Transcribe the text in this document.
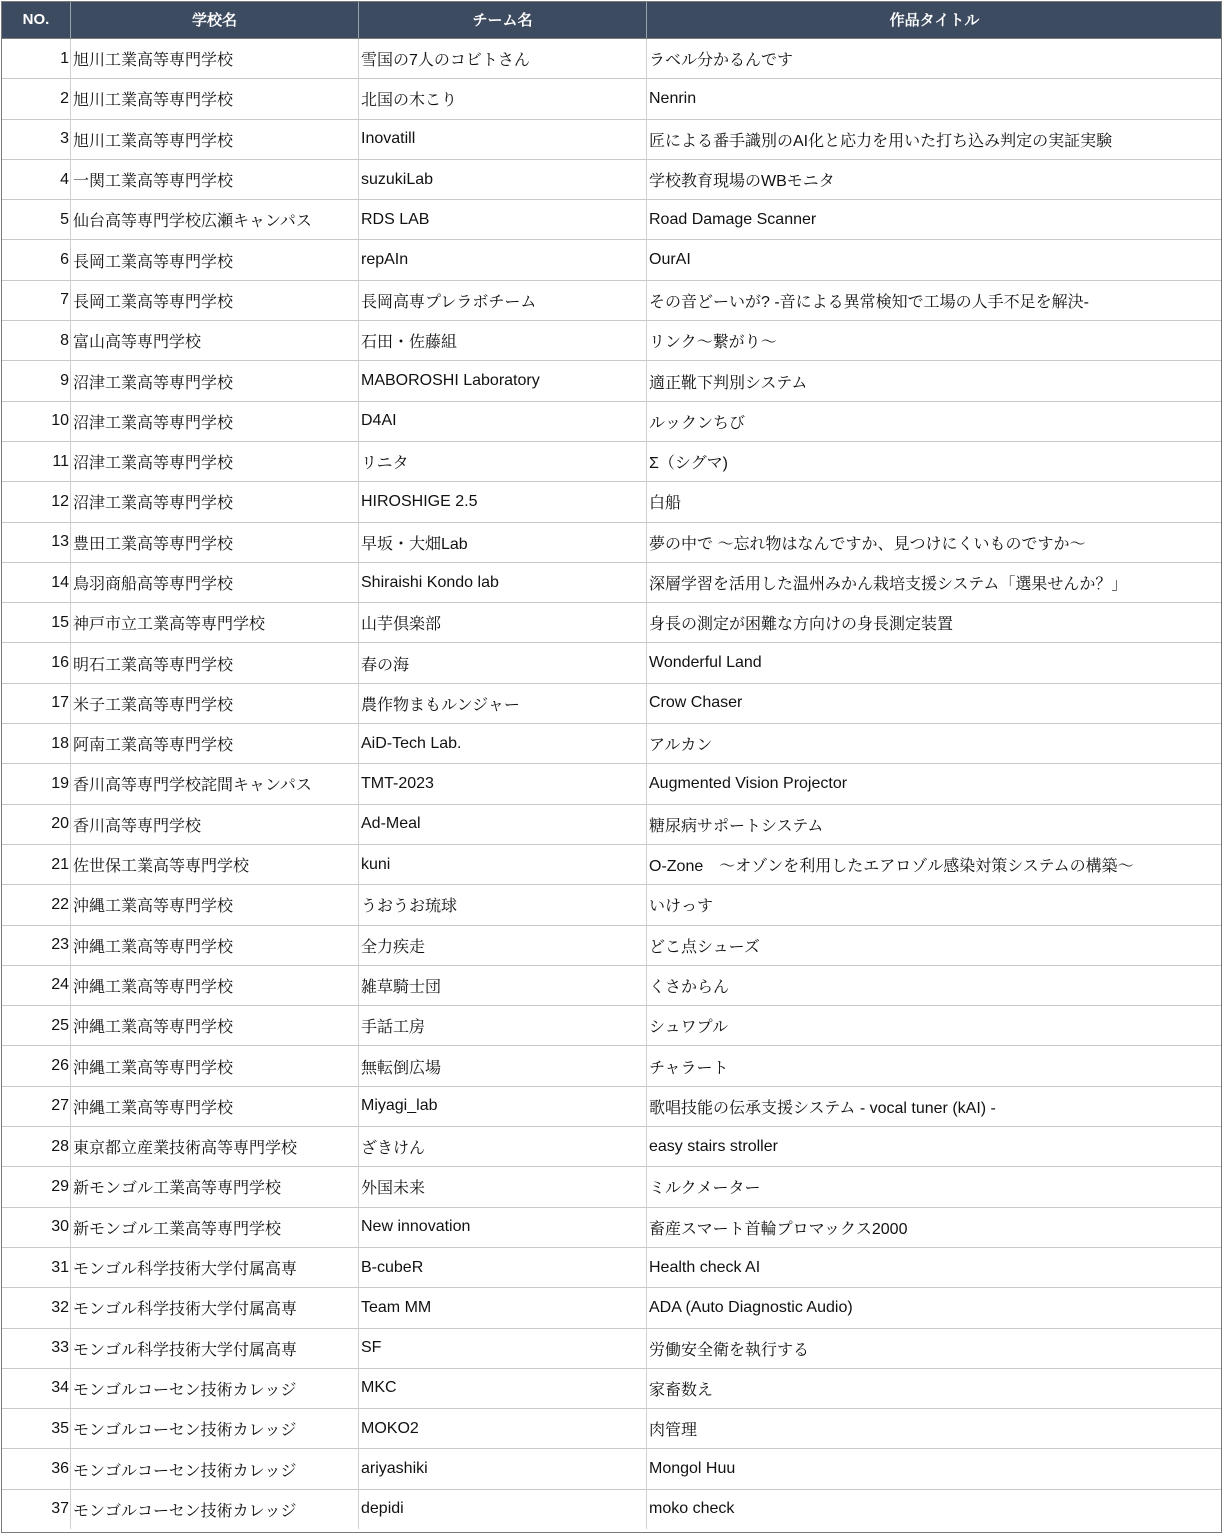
NO.	学校名	チーム名	作品タイトル
1	旭川工業高等専門学校	雪国の7人のコビトさん	ラベル分かるんです
2	旭川工業高等専門学校	北国の木こり	Nenrin
3	旭川工業高等専門学校	Inovatill	匠による番手識別のAI化と応力を用いた打ち込み判定の実証実験
4	一関工業高等専門学校	suzukiLab	学校教育現場のWBモニタ
5	仙台高等専門学校広瀬キャンパス	RDS LAB	Road Damage Scanner
6	長岡工業高等専門学校	repAIn	OurAI
7	長岡工業高等専門学校	長岡高専プレラボチーム	その音どーいが? -音による異常検知で工場の人手不足を解決-
8	富山高等専門学校	石田・佐藤組	リンク〜繋がり〜
9	沼津工業高等専門学校	MABOROSHI Laboratory	適正靴下判別システム
10	沼津工業高等専門学校	D4AI	ルックンちび
11	沼津工業高等専門学校	リニタ	Σ（シグマ)
12	沼津工業高等専門学校	HIROSHIGE 2.5	白船
13	豊田工業高等専門学校	早坂・大畑Lab	夢の中で 〜忘れ物はなんですか、見つけにくいものですか〜
14	鳥羽商船高等専門学校	Shiraishi Kondo lab	深層学習を活用した温州みかん栽培支援システム「選果せんか？」
15	神戸市立工業高等専門学校	山芋倶楽部	身長の測定が困難な方向けの身長測定装置
16	明石工業高等専門学校	春の海	Wonderful Land
17	米子工業高等専門学校	農作物まもルンジャー	Crow Chaser
18	阿南工業高等専門学校	AiD-Tech Lab.	アルカン
19	香川高等専門学校詫間キャンパス	TMT-2023	Augmented Vision Projector
20	香川高等専門学校	Ad-Meal	糖尿病サポートシステム
21	佐世保工業高等専門学校	kuni	O-Zone　〜オゾンを利用したエアロゾル感染対策システムの構築〜
22	沖縄工業高等専門学校	うおうお琉球	いけっす
23	沖縄工業高等専門学校	全力疾走	どこ点シューズ
24	沖縄工業高等専門学校	雑草騎士団	くさからん
25	沖縄工業高等専門学校	手話工房	シュワプル
26	沖縄工業高等専門学校	無転倒広場	チャラート
27	沖縄工業高等専門学校	Miyagi_lab	歌唱技能の伝承支援システム - vocal tuner (kAI) -
28	東京都立産業技術高等専門学校	ざきけん	easy stairs stroller
29	新モンゴル工業高等専門学校	外国未来	ミルクメーター
30	新モンゴル工業高等専門学校	New innovation	畜産スマート首輪プロマックス2000
31	モンゴル科学技術大学付属高専	B-cubeR	Health check AI
32	モンゴル科学技術大学付属高専	Team MM	ADA (Auto Diagnostic Audio)
33	モンゴル科学技術大学付属高専	SF	労働安全衛を執行する
34	モンゴルコーセン技術カレッジ	MKC	家畜数え
35	モンゴルコーセン技術カレッジ	MOKO2	肉管理
36	モンゴルコーセン技術カレッジ	ariyashiki	Mongol Huu
37	モンゴルコーセン技術カレッジ	depidi	moko check
